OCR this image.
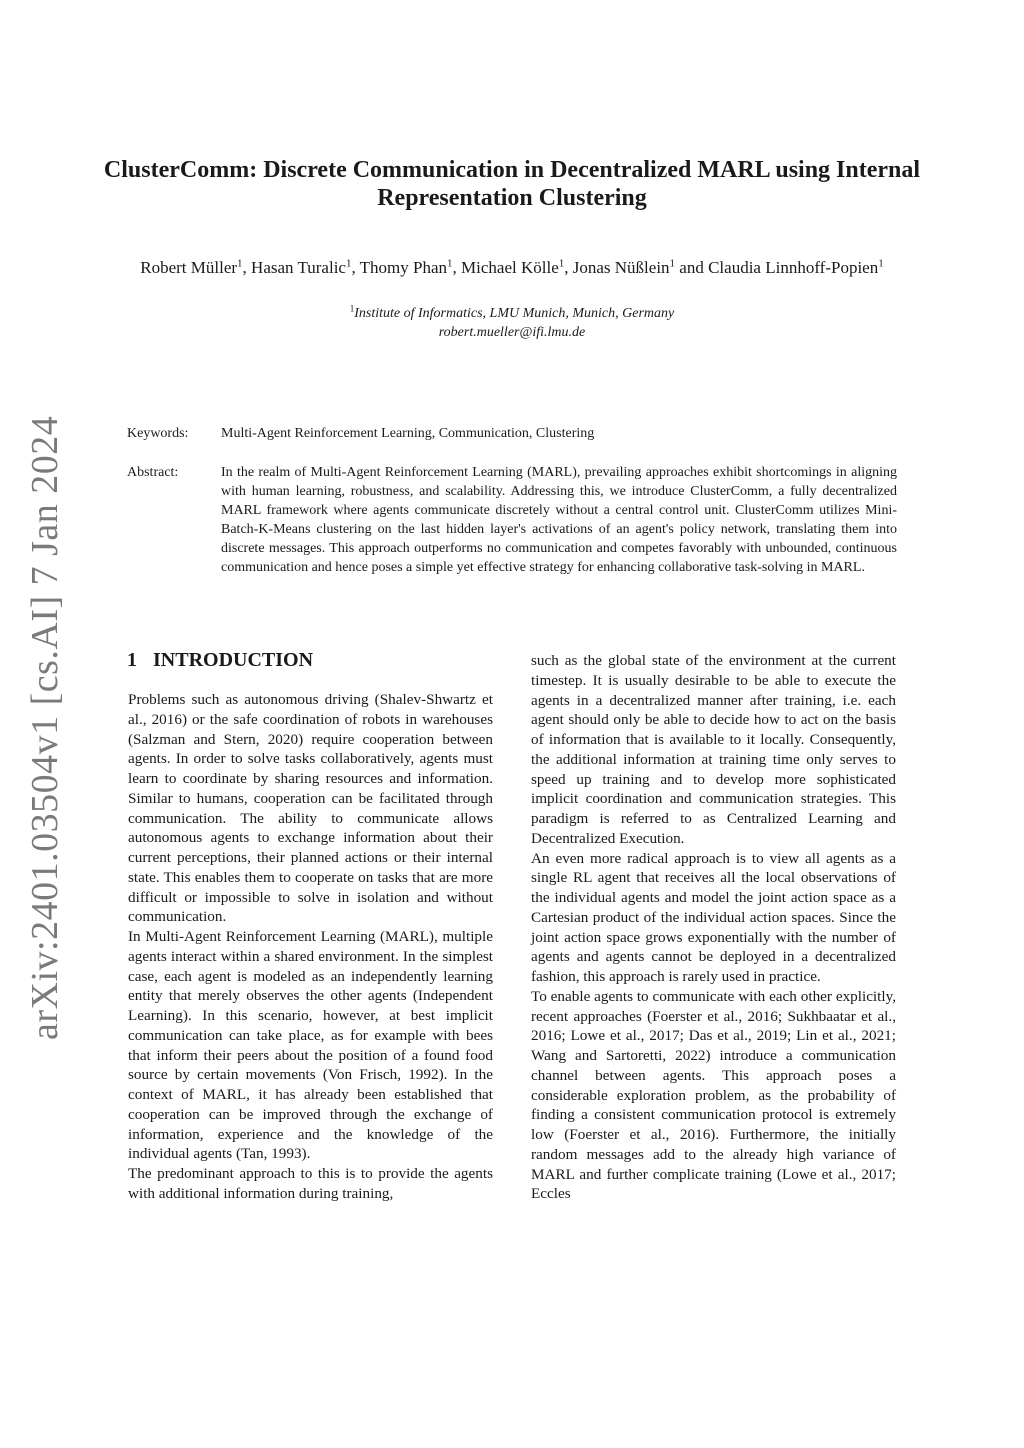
arXiv:2401.03504v1 [cs.AI] 7 Jan 2024
ClusterComm: Discrete Communication in Decentralized MARL using Internal Representation Clustering
Robert Müller$^1$, Hasan Turalic$^1$, Thomy Phan$^1$, Michael Kölle$^1$, Jonas Nüßlein$^1$ and Claudia Linnhoff-Popien$^1$
$^1$Institute of Informatics, LMU Munich, Munich, Germany
robert.mueller@ifi.lmu.de
Keywords: Multi-Agent Reinforcement Learning, Communication, Clustering
Abstract:	In the realm of Multi-Agent Reinforcement Learning (MARL), prevailing approaches exhibit shortcomings in aligning with human learning, robustness, and scalability. Addressing this, we introduce ClusterComm, a fully decentralized MARL framework where agents communicate discretely without a central control unit. ClusterComm utilizes Mini-Batch-K-Means clustering on the last hidden layer's activations of an agent's policy network, translating them into discrete messages. This approach outperforms no communication and competes favorably with unbounded, continuous communication and hence poses a simple yet effective strategy for enhancing collaborative task-solving in MARL.
1 INTRODUCTION

Problems such as autonomous driving (Shalev-Shwartz et al., 2016) or the safe coordination of robots in warehouses (Salzman and Stern, 2020) require cooperation between agents. In order to solve tasks collaboratively, agents must learn to coordinate by sharing resources and information. Similar to humans, cooperation can be facilitated through communication. The ability to communicate allows autonomous agents to exchange information about their current perceptions, their planned actions or their internal state. This enables them to cooperate on tasks that are more difficult or impossible to solve in isolation and without communication.

In Multi-Agent Reinforcement Learning (MARL), multiple agents interact within a shared environment. In the simplest case, each agent is modeled as an independently learning entity that merely observes the other agents (Independent Learning). In this scenario, however, at best implicit communication can take place, as for example with bees that inform their peers about the position of a found food source by certain movements (Von Frisch, 1992). In the context of MARL, it has already been established that cooperation can be improved through the exchange of information, experience and the knowledge of the individual agents (Tan, 1993).

The predominant approach to this is to provide the agents with additional information during training,

such as the global state of the environment at the current timestep. It is usually desirable to be able to execute the agents in a decentralized manner after training, i.e. each agent should only be able to decide how to act on the basis of information that is available to it locally. Consequently, the additional information at training time only serves to speed up training and to develop more sophisticated implicit coordination and communication strategies. This paradigm is referred to as Centralized Learning and Decentralized Execution.

An even more radical approach is to view all agents as a single RL agent that receives all the local observations of the individual agents and model the joint action space as a Cartesian product of the individual action spaces. Since the joint action space grows exponentially with the number of agents and agents cannot be deployed in a decentralized fashion, this approach is rarely used in practice.

To enable agents to communicate with each other explicitly, recent approaches (Foerster et al., 2016; Sukhbaatar et al., 2016; Lowe et al., 2017; Das et al., 2019; Lin et al., 2021; Wang and Sartoretti, 2022) introduce a communication channel between agents. This approach poses a considerable exploration problem, as the probability of finding a consistent communication protocol is extremely low (Foerster et al., 2016). Furthermore, the initially random messages add to the already high variance of MARL and further complicate training (Lowe et al., 2017; Eccles
